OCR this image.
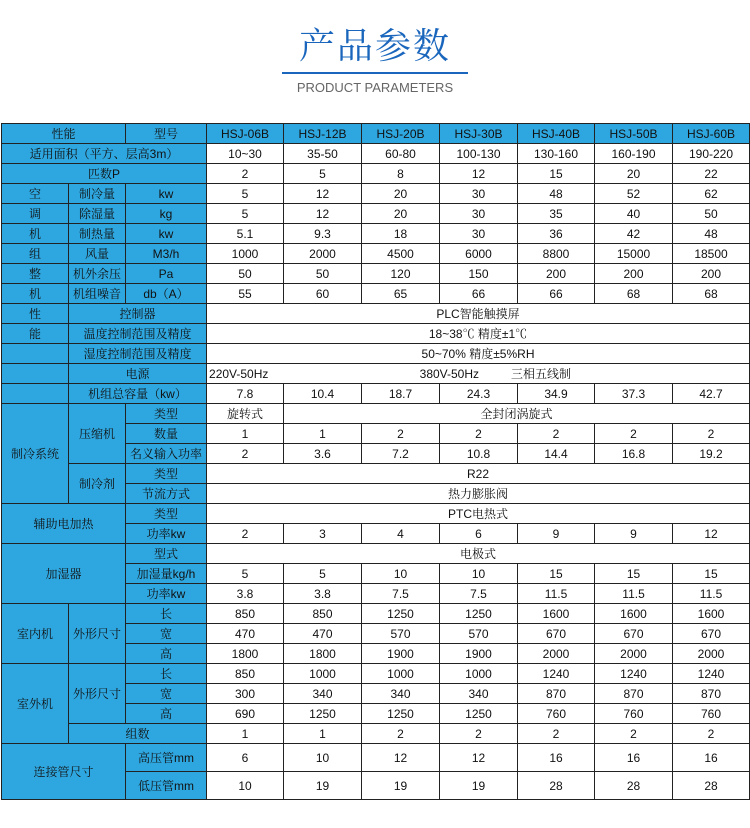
产品参数
PRODUCT PARAMETERS
性能		型号	HSJ-06B	HSJ-12B	HSJ-20B	HSJ-30B	HSJ-40B	HSJ-50B	HSJ-60B
适用面积（平方、层高3m）			10~30	35-50	60-80	100-130	130-160	160-190	190-220
匹数P			2	5	8	12	15	20	22
空	制冷量	kw	5	12	20	30	48	52	62
调	除湿量	kg	5	12	20	30	35	40	50
机	制热量	kw	5.1	9.3	18	30	36	42	48
组	风量	M3/h	1000	2000	4500	6000	8800	15000	18500
整	机外余压	Pa	50	50	120	150	200	200	200
机	机组噪音	db（A）	55	60	65	66	66	68	68
性	控制器		PLC智能触摸屏						
能	温度控制范围及精度		18~38℃ 精度±1℃						
	湿度控制范围及精度		50~70% 精度±5%RH						
	电源		220V-50Hz 380V-50Hz 三相五线制						
	机组总容量（kw）		7.8	10.4	18.7	24.3	34.9	37.3	42.7
制冷系统	压缩机	类型	旋转式	全封闭涡旋式					
		数量	1	1	2	2	2	2	2
		名义输入功率	2	3.6	7.2	10.8	14.4	16.8	19.2
	制冷剂	类型	R22						
		节流方式	热力膨胀阀						
辅助电加热		类型	PTC电热式						
		功率kw	2	3	4	6	9	9	12
加湿器		型式	电极式						
		加湿量kg/h	5	5	10	10	15	15	15
		功率kw	3.8	3.8	7.5	7.5	11.5	11.5	11.5
室内机	外形尺寸	长	850	850	1250	1250	1600	1600	1600
		宽	470	470	570	570	670	670	670
		高	1800	1800	1900	1900	2000	2000	2000
室外机	外形尺寸	长	850	1000	1000	1000	1240	1240	1240
		宽	300	340	340	340	870	870	870
		高	690	1250	1250	1250	760	760	760
	组数		1	1	2	2	2	2	2
连接管尺寸		高压管mm	6	10	12	12	16	16	16
		低压管mm	10	19	19	19	28	28	28
